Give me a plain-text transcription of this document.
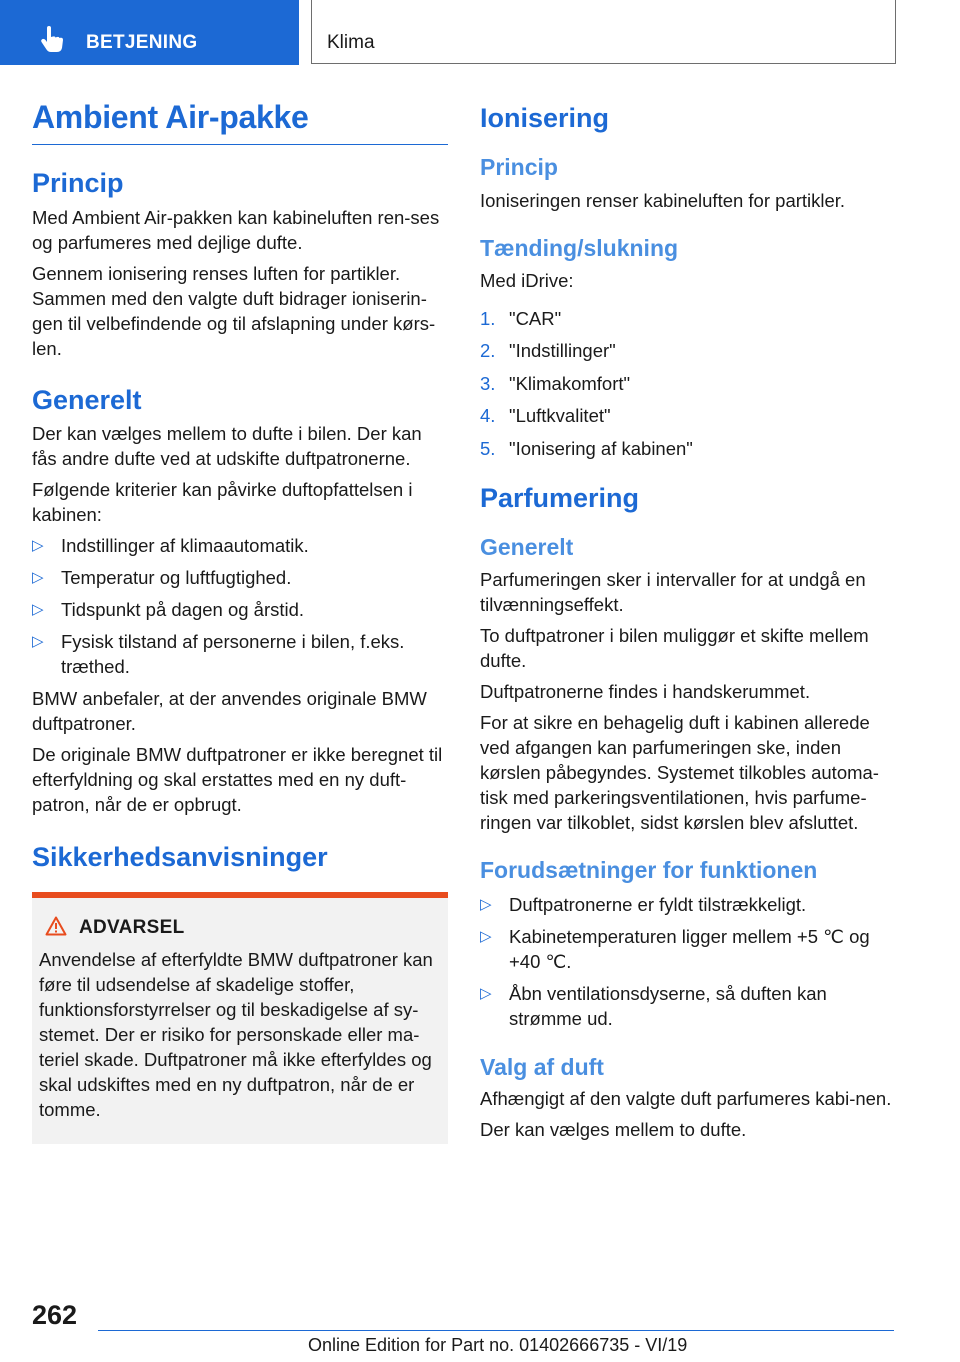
BETJENING	Klima
Ambient Air-pakke
Princip

Med Ambient Air-pakken kan kabineluften ren-ses og parfumeres med dejlige dufte.

Gennem ionisering renses luften for partikler. Sammen med den valgte duft bidrager ioniserin-gen til velbefindende og til afslapning under kørs-len.

Generelt

Der kan vælges mellem to dufte i bilen. Der kan fås andre dufte ved at udskifte duftpatronerne.

Følgende kriterier kan påvirke duftopfattelsen i kabinen:

▷ Indstillinger af klimaautomatik.
▷ Temperatur og luftfugtighed.
▷ Tidspunkt på dagen og årstid.
▷ Fysisk tilstand af personerne i bilen, f.eks. træthed.

BMW anbefaler, at der anvendes originale BMW duftpatroner.

De originale BMW duftpatroner er ikke beregnet til efterfyldning og skal erstattes med en ny duft-patron, når de er opbrugt.

Sikkerhedsanvisninger
ADVARSEL

Anvendelse af efterfyldte BMW duftpatroner kan føre til udsendelse af skadelige stoffer, funktionsforstyrrelser og til beskadigelse af sy-stemet. Der er risiko for personskade eller ma-teriel skade. Duftpatroner må ikke efterfyldes og skal udskiftes med en ny duftpatron, når de er tomme.

Ionisering
Princip

Ioniseringen renser kabineluften for partikler.

Tænding/slukning

Med iDrive:

1. "CAR"
2. "Indstillinger"
3. "Klimakomfort"
4. "Luftkvalitet"
5. "Ionisering af kabinen"
Parfumering
Generelt

Parfumeringen sker i intervaller for at undgå en tilvænningseffekt.

To duftpatroner i bilen muliggør et skifte mellem dufte.

Duftpatronerne findes i handskerummet.

For at sikre en behagelig duft i kabinen allerede ved afgangen kan parfumeringen ske, inden kørslen påbegyndes. Systemet tilkobles automa-tisk med parkeringsventilationen, hvis parfume-ringen var tilkoblet, sidst kørslen blev afsluttet.

Forudsætninger for funktionen
▷ Duftpatronerne er fyldt tilstrækkeligt.
▷ Kabinetemperaturen ligger mellem +5 ℃ og +40 ℃.
▷ Åbn ventilationsdyserne, så duften kan strømme ud.
Valg af duft

Afhængigt af den valgte duft parfumeres kabi-nen.

Der kan vælges mellem to dufte.

262
Online Edition for Part no. 01402666735 - VI/19
